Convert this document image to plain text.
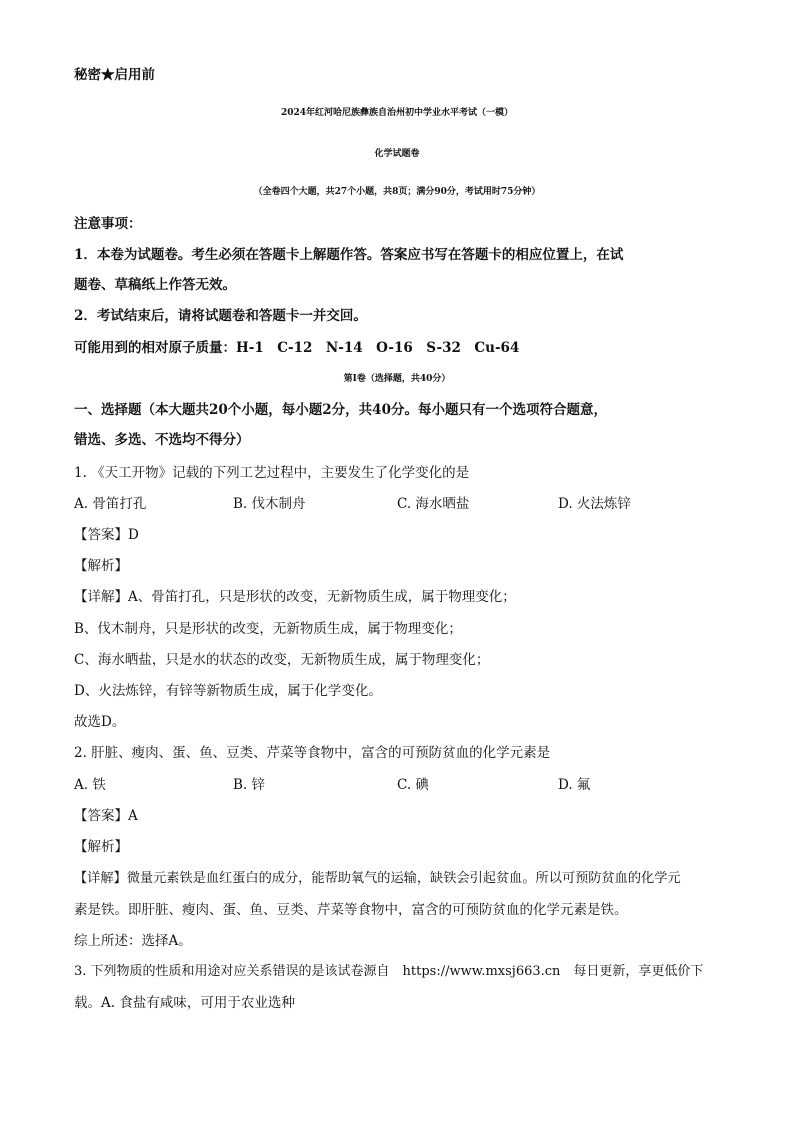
秘密★启用前
2024年红河哈尼族彝族自治州初中学业水平考试（一模）
化学试题卷
（全卷四个大题，共27个小题，共8页；满分90分，考试用时75分钟）
注意事项：
1．本卷为试题卷。考生必须在答题卡上解题作答。答案应书写在答题卡的相应位置上，在试
题卷、草稿纸上作答无效。
2．考试结束后，请将试题卷和答题卡一并交回。
可能用到的相对原子质量：H-1　C-12　N-14　O-16　S-32　Cu-64
第Ⅰ卷（选择题，共40分）
一、选择题（本大题共20个小题，每小题2分，共40分。每小题只有一个选项符合题意，
错选、多选、不选均不得分）
1. 《天工开物》记载的下列工艺过程中，主要发生了化学变化的是
A. 骨笛打孔	B. 伐木制舟	C. 海水晒盐	D. 火法炼锌
【答案】D
【解析】
【详解】A、骨笛打孔，只是形状的改变，无新物质生成，属于物理变化；
B、伐木制舟，只是形状的改变，无新物质生成，属于物理变化；
C、海水晒盐，只是水的状态的改变，无新物质生成，属于物理变化；
D、火法炼锌，有锌等新物质生成，属于化学变化。
故选D。
2. 肝脏、瘦肉、蛋、鱼、豆类、芹菜等食物中，富含的可预防贫血的化学元素是
A. 铁	B. 锌	C. 碘	D. 氟
【答案】A
【解析】
【详解】微量元素铁是血红蛋白的成分，能帮助氧气的运输，缺铁会引起贫血。所以可预防贫血的化学元
素是铁。即肝脏、瘦肉、蛋、鱼、豆类、芹菜等食物中，富含的可预防贫血的化学元素是铁。
综上所述：选择A。
3. 下列物质的性质和用途对应关系错误的是该试卷源自　https://www.mxsj663.cn　每日更新，享更低价下
载。A. 食盐有咸味，可用于农业选种
